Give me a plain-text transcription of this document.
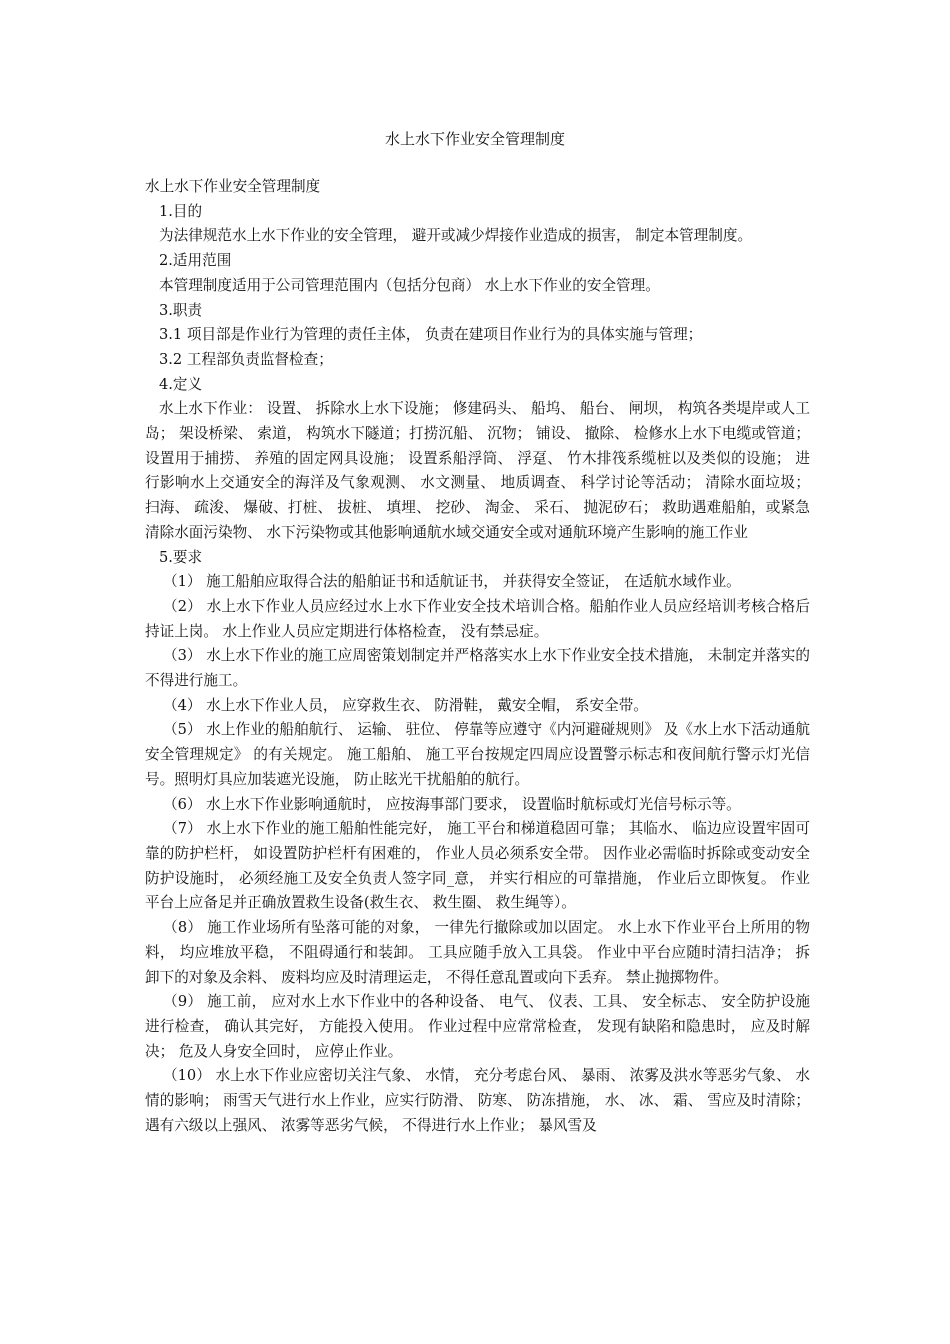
水上水下作业安全管理制度

水上水下作业安全管理制度

1.目的

为法律规范水上水下作业的安全管理， 避开或减少焊接作业造成的损害， 制定本管理制度。

2.适用范围

本管理制度适用于公司管理范围内（包括分包商） 水上水下作业的安全管理。

3.职责

3.1 项目部是作业行为管理的责任主体， 负责在建项目作业行为的具体实施与管理；

3.2 工程部负责监督检查；

4.定义

水上水下作业： 设置、 拆除水上水下设施； 修建码头、 船坞、 船台、 闸坝， 构筑各类堤岸或人工岛； 架设桥梁、 索道， 构筑水下隧道；打捞沉船、 沉物； 铺设、 撤除、 检修水上水下电缆或管道； 设置用于捕捞、 养殖的固定网具设施； 设置系船浮筒、 浮趸、 竹木排筏系缆桩以及类似的设施； 进行影响水上交通安全的海洋及气象观测、 水文测量、 地质调查、 科学讨论等活动； 清除水面垃圾； 扫海、 疏浚、 爆破、打桩、 拔桩、 填埋、 挖砂、 淘金、 采石、 抛泥矽石； 救助遇难船舶，或紧急清除水面污染物、 水下污染物或其他影响通航水域交通安全或对通航环境产生影响的施工作业

5.要求

（1） 施工船舶应取得合法的船舶证书和适航证书， 并获得安全签证， 在适航水域作业。

（2） 水上水下作业人员应经过水上水下作业安全技术培训合格。船舶作业人员应经培训考核合格后持证上岗。 水上作业人员应定期进行体格检查， 没有禁忌症。

（3） 水上水下作业的施工应周密策划制定并严格落实水上水下作业安全技术措施， 未制定并落实的不得进行施工。

（4） 水上水下作业人员， 应穿救生衣、 防滑鞋， 戴安全帽， 系安全带。

（5） 水上作业的船舶航行、 运输、 驻位、 停靠等应遵守《内河避碰规则》 及《水上水下活动通航安全管理规定》 的有关规定。 施工船舶、 施工平台按规定四周应设置警示标志和夜间航行警示灯光信号。照明灯具应加装遮光设施， 防止眩光干扰船舶的航行。

（6） 水上水下作业影响通航时， 应按海事部门要求， 设置临时航标或灯光信号标示等。

（7） 水上水下作业的施工船舶性能完好， 施工平台和梯道稳固可靠； 其临水、 临边应设置牢固可靠的防护栏杆， 如设置防护栏杆有困难的， 作业人员必须系安全带。 因作业必需临时拆除或变动安全防护设施时， 必须经施工及安全负责人签字同_意， 并实行相应的可靠措施， 作业后立即恢复。 作业平台上应备足并正确放置救生设备(救生衣、 救生圈、 救生绳等）。

（8） 施工作业场所有坠落可能的对象， 一律先行撤除或加以固定。 水上水下作业平台上所用的物料， 均应堆放平稳， 不阻碍通行和装卸。 工具应随手放入工具袋。 作业中平台应随时清扫洁净； 拆卸下的对象及余料、 废料均应及时清理运走， 不得任意乱置或向下丢弃。 禁止抛掷物件。

（9） 施工前， 应对水上水下作业中的各种设备、 电气、 仪表、工具、 安全标志、 安全防护设施进行检查， 确认其完好， 方能投入使用。 作业过程中应常常检查， 发现有缺陷和隐患时， 应及时解决； 危及人身安全回时， 应停止作业。

（10） 水上水下作业应密切关注气象、 水情， 充分考虑台风、 暴雨、 浓雾及洪水等恶劣气象、 水情的影响； 雨雪天气进行水上作业，应实行防滑、 防寒、 防冻措施， 水、 冰、 霜、 雪应及时清除； 遇有六级以上强风、 浓雾等恶劣气候， 不得进行水上作业； 暴风雪及
